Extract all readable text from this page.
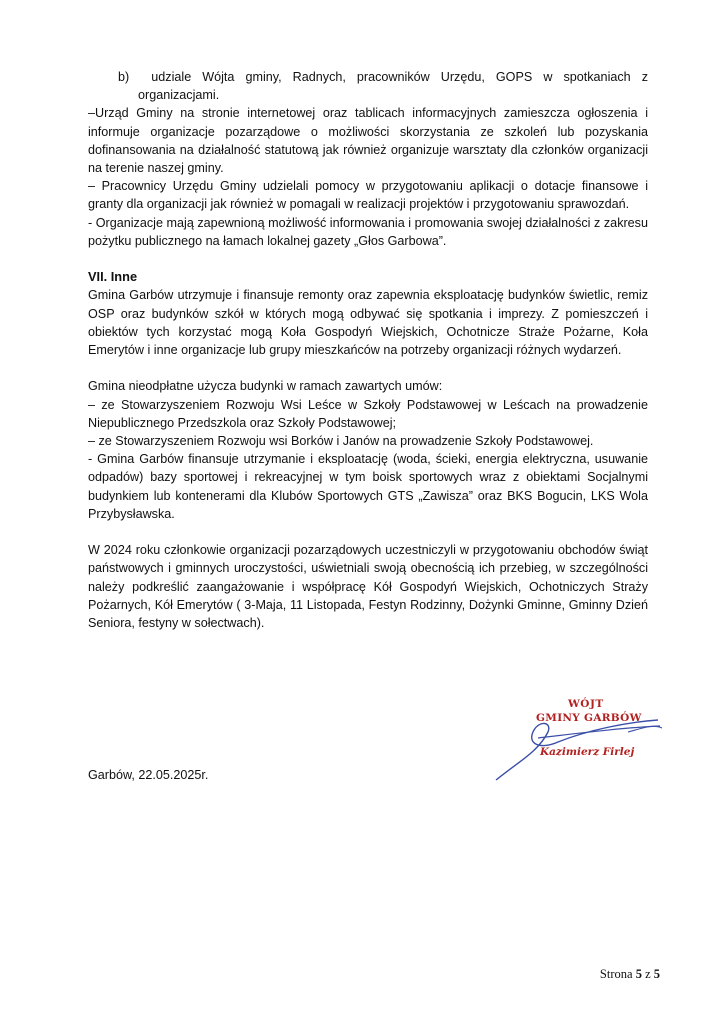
b) udziale Wójta gminy, Radnych, pracowników Urzędu, GOPS w spotkaniach z organizacjami.

–Urząd Gminy na stronie internetowej oraz tablicach informacyjnych zamieszcza ogłoszenia i informuje organizacje pozarządowe o możliwości skorzystania ze szkoleń lub pozyskania dofinansowania na działalność statutową jak również organizuje warsztaty dla członków organizacji na terenie naszej gminy.

– Pracownicy Urzędu Gminy udzielali pomocy w przygotowaniu aplikacji o dotacje finansowe i granty dla organizacji jak również w pomagali w realizacji projektów i przygotowaniu sprawozdań.

- Organizacje mają zapewnioną możliwość informowania i promowania swojej działalności z zakresu pożytku publicznego na łamach lokalnej gazety „Głos Garbowa”.

VII. Inne

Gmina Garbów utrzymuje i finansuje remonty oraz zapewnia eksploatację budynków świetlic, remiz OSP oraz budynków szkół w których mogą odbywać się spotkania i imprezy. Z pomieszczeń i obiektów tych korzystać mogą Koła Gospodyń Wiejskich, Ochotnicze Straże Pożarne, Koła Emerytów i inne organizacje lub grupy mieszkańców na potrzeby organizacji różnych wydarzeń.

Gmina nieodpłatne użycza budynki w ramach zawartych umów:

– ze Stowarzyszeniem Rozwoju Wsi Leśce w Szkoły Podstawowej w Leścach na prowadzenie Niepublicznego Przedszkola oraz Szkoły Podstawowej;

– ze Stowarzyszeniem Rozwoju wsi Borków i Janów na prowadzenie Szkoły Podstawowej.

- Gmina Garbów finansuje utrzymanie i eksploatację (woda, ścieki, energia elektryczna, usuwanie odpadów) bazy sportowej i rekreacyjnej w tym boisk sportowych wraz z obiektami Socjalnymi budynkiem lub kontenerami dla Klubów Sportowych GTS „Zawisza” oraz BKS Bogucin, LKS Wola Przybysławska.

W 2024 roku członkowie organizacji pozarządowych uczestniczyli w przygotowaniu obchodów świąt państwowych i gminnych uroczystości, uświetniali swoją obecnością ich przebieg, w szczególności należy podkreślić zaangażowanie i współpracę Kół Gospodyń Wiejskich, Ochotniczych Straży Pożarnych, Kół Emerytów ( 3-Maja, 11 Listopada, Festyn Rodzinny, Dożynki Gminne, Gminny Dzień Seniora, festyny w sołectwach).

Garbów, 22.05.2025r.
WÓJT
GMINY GARBÓW
Kazimierz Firlej
Strona 5 z 5
